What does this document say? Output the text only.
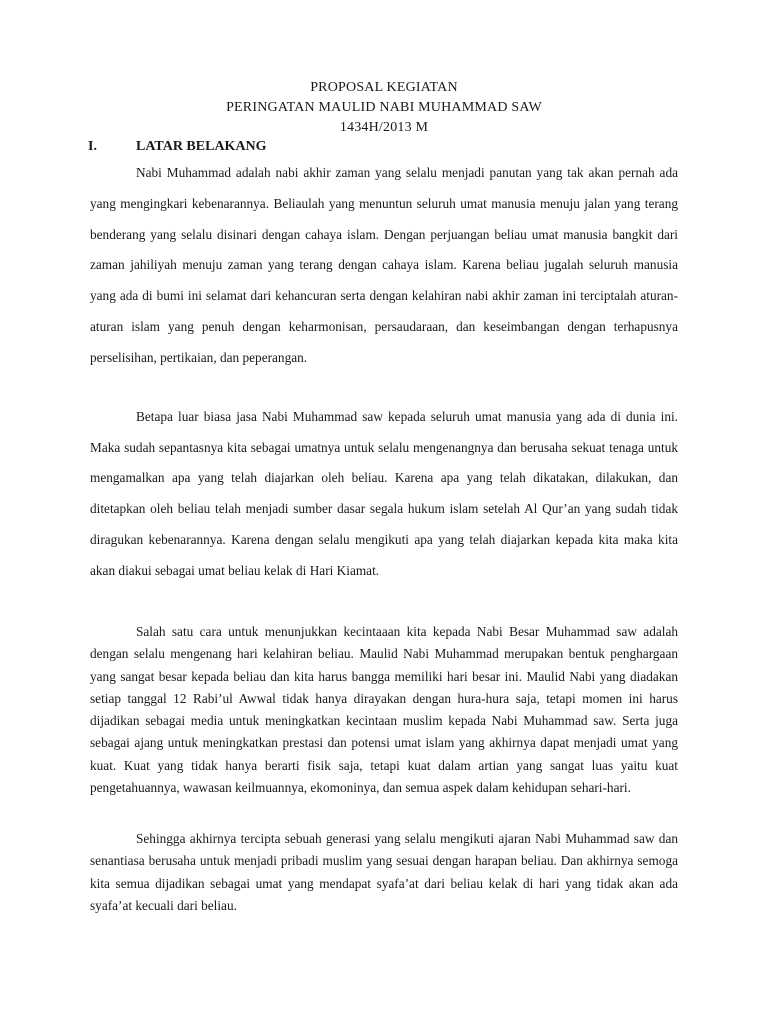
PROPOSAL KEGIATAN
PERINGATAN MAULID NABI MUHAMMAD SAW
1434H/2013 M
I.	LATAR BELAKANG

Nabi Muhammad adalah nabi akhir zaman yang selalu menjadi panutan yang tak akan pernah ada yang mengingkari kebenarannya. Beliaulah yang menuntun seluruh umat manusia menuju jalan yang terang benderang yang selalu disinari dengan cahaya islam. Dengan perjuangan beliau umat manusia bangkit dari zaman jahiliyah menuju zaman yang terang dengan cahaya islam. Karena beliau jugalah seluruh manusia yang ada di bumi ini selamat dari kehancuran serta dengan kelahiran nabi akhir zaman ini terciptalah aturan-aturan islam yang penuh dengan keharmonisan, persaudaraan, dan keseimbangan dengan terhapusnya perselisihan, pertikaian, dan peperangan.

Betapa luar biasa jasa Nabi Muhammad saw kepada seluruh umat manusia yang ada di dunia ini. Maka sudah sepantasnya kita sebagai umatnya untuk selalu mengenangnya dan berusaha sekuat tenaga untuk mengamalkan apa yang telah diajarkan oleh beliau. Karena apa yang telah dikatakan, dilakukan, dan ditetapkan oleh beliau telah menjadi sumber dasar segala hukum islam setelah Al Qur’an yang sudah tidak diragukan kebenarannya. Karena dengan selalu mengikuti apa yang telah diajarkan kepada kita maka kita akan diakui sebagai umat beliau kelak di Hari Kiamat.

Salah satu cara untuk menunjukkan kecintaaan kita kepada Nabi Besar Muhammad saw adalah dengan selalu mengenang hari kelahiran beliau. Maulid Nabi Muhammad merupakan bentuk penghargaan yang sangat besar kepada beliau dan kita harus bangga memiliki hari besar ini. Maulid Nabi yang diadakan setiap tanggal 12 Rabi’ul Awwal tidak hanya dirayakan dengan hura-hura saja, tetapi momen ini harus dijadikan sebagai media untuk meningkatkan kecintaan muslim kepada Nabi Muhammad saw. Serta juga sebagai ajang untuk meningkatkan prestasi dan potensi umat islam yang akhirnya dapat menjadi umat yang kuat. Kuat yang tidak hanya berarti fisik saja, tetapi kuat dalam artian yang sangat luas yaitu kuat pengetahuannya, wawasan keilmuannya, ekomoninya, dan semua aspek dalam kehidupan sehari-hari.

Sehingga akhirnya tercipta sebuah generasi yang selalu mengikuti ajaran Nabi Muhammad saw dan senantiasa berusaha untuk menjadi pribadi muslim yang sesuai dengan harapan beliau. Dan akhirnya semoga kita semua dijadikan sebagai umat yang mendapat syafa’at dari beliau kelak di hari yang tidak akan ada syafa’at kecuali dari beliau.
